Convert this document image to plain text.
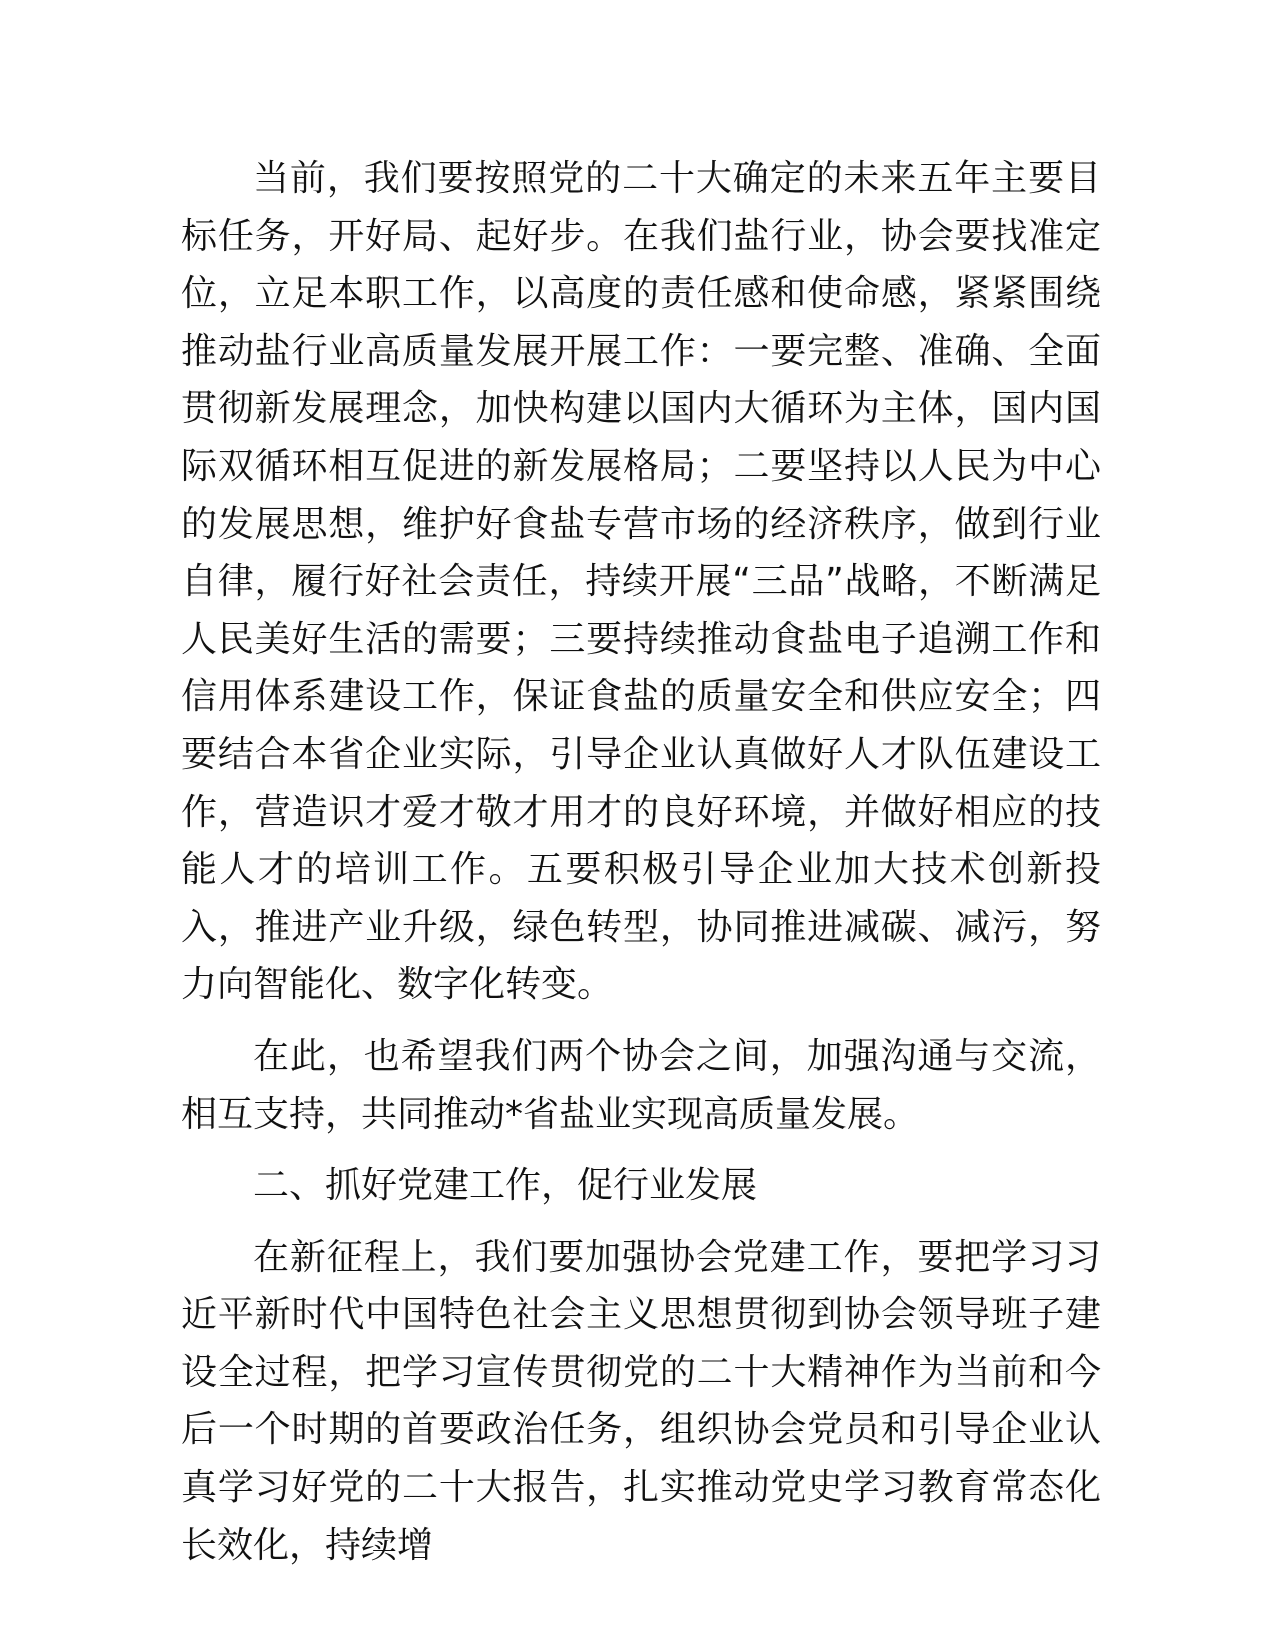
当前，我们要按照党的二十大确定的未来五年主要目标任务，开好局、起好步。在我们盐行业，协会要找准定位，立足本职工作，以高度的责任感和使命感，紧紧围绕推动盐行业高质量发展开展工作：一要完整、准确、全面贯彻新发展理念，加快构建以国内大循环为主体，国内国际双循环相互促进的新发展格局；二要坚持以人民为中心的发展思想，维护好食盐专营市场的经济秩序，做到行业自律，履行好社会责任，持续开展“三品”战略，不断满足人民美好生活的需要；三要持续推动食盐电子追溯工作和信用体系建设工作，保证食盐的质量安全和供应安全；四要结合本省企业实际，引导企业认真做好人才队伍建设工作，营造识才爱才敬才用才的良好环境，并做好相应的技能人才的培训工作。五要积极引导企业加大技术创新投入，推进产业升级，绿色转型，协同推进减碳、减污，努力向智能化、数字化转变。

在此，也希望我们两个协会之间，加强沟通与交流，相互支持，共同推动*省盐业实现高质量发展。

二、抓好党建工作，促行业发展

在新征程上，我们要加强协会党建工作，要把学习习近平新时代中国特色社会主义思想贯彻到协会领导班子建设全过程，把学习宣传贯彻党的二十大精神作为当前和今后一个时期的首要政治任务，组织协会党员和引导企业认真学习好党的二十大报告，扎实推动党史学习教育常态化长效化，持续增
